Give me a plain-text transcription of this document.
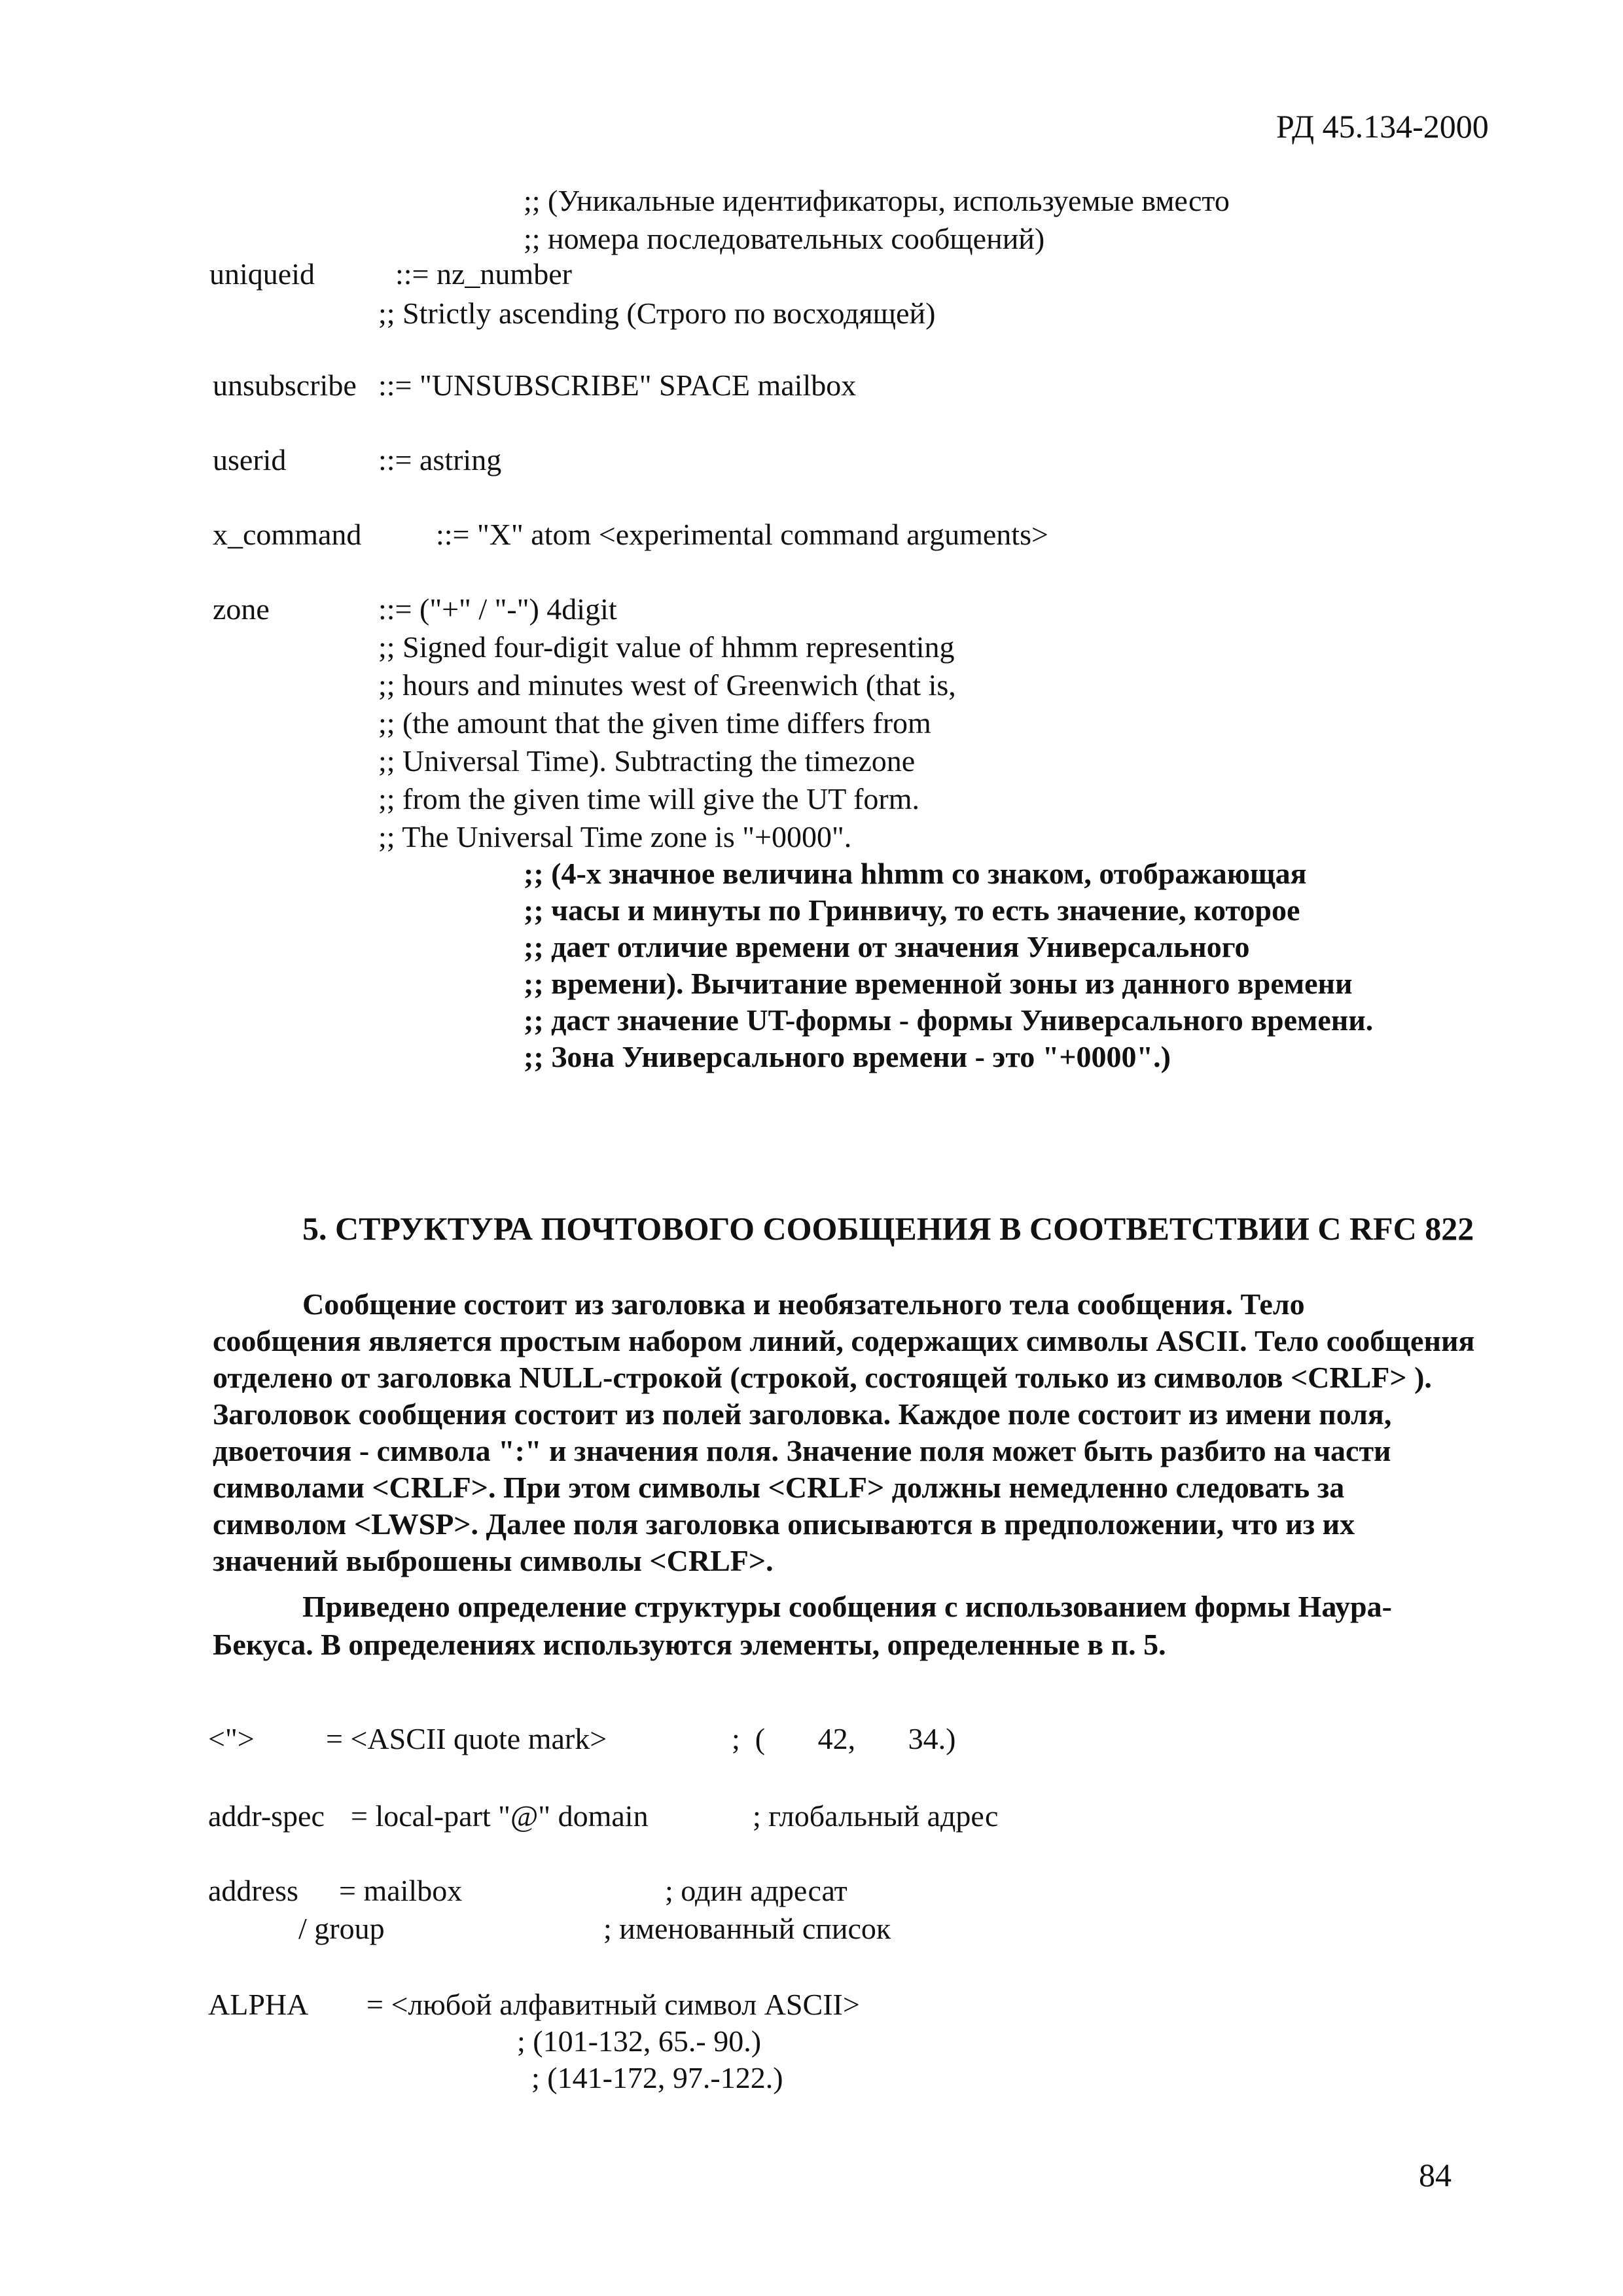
РД 45.134-2000
;; (Уникальные идентификаторы, используемые вместо
;; номера последовательных сообщений)
uniqueid	::= nz_number
;; Strictly ascending (Строго по восходящей)
unsubscribe ::= "UNSUBSCRIBE" SPACE mailbox
userid	::= astring
x_command ::= "X" atom <experimental command arguments>
zone	::= ("+" / "-") 4digit
;; Signed four-digit value of hhmm representing
;; hours and minutes west of Greenwich (that is,
;; (the amount that the given time differs from
;; Universal Time). Subtracting the timezone
;; from the given time will give the UT form.
;; The Universal Time zone is "+0000".
;; (4-х значное величина hhmm со знаком, отображающая
;; часы и минуты по Гринвичу, то есть значение, которое
;; дает отличие времени от значения Универсального
;; времени). Вычитание временной зоны из данного времени
;; даст значение UT-формы - формы Универсального времени.
;; Зона Универсального времени - это "+0000".)
5. СТРУКТУРА ПОЧТОВОГО СООБЩЕНИЯ В СООТВЕТСТВИИ С RFC 822
Сообщение состоит из заголовка и необязательного тела сообщения. Тело
сообщения является простым набором линий, содержащих символы ASCII. Тело сообщения
отделено от заголовка NULL-строкой (строкой, состоящей только из символов <CRLF> ).
Заголовок сообщения состоит из полей заголовка. Каждое поле состоит из имени поля,
двоеточия - символа ":" и значения поля. Значение поля может быть разбито на части
символами <CRLF>. При этом символы <CRLF> должны немедленно следовать за
символом <LWSP>. Далее поля заголовка описываются в предположении, что из их
значений выброшены символы <CRLF>.
Приведено определение структуры сообщения с использованием формы Наура-
Бекуса. В определениях используются элементы, определенные в п. 5.
<"> = <ASCII quote mark>	;  (       42,       34.)
addr-spec = local-part "@" domain	; глобальный адрес
address = mailbox	; один адресат
/ group	; именованный список
ALPHA = <любой алфавитный символ ASCII>
; (101-132, 65.- 90.)
; (141-172, 97.-122.)
84
